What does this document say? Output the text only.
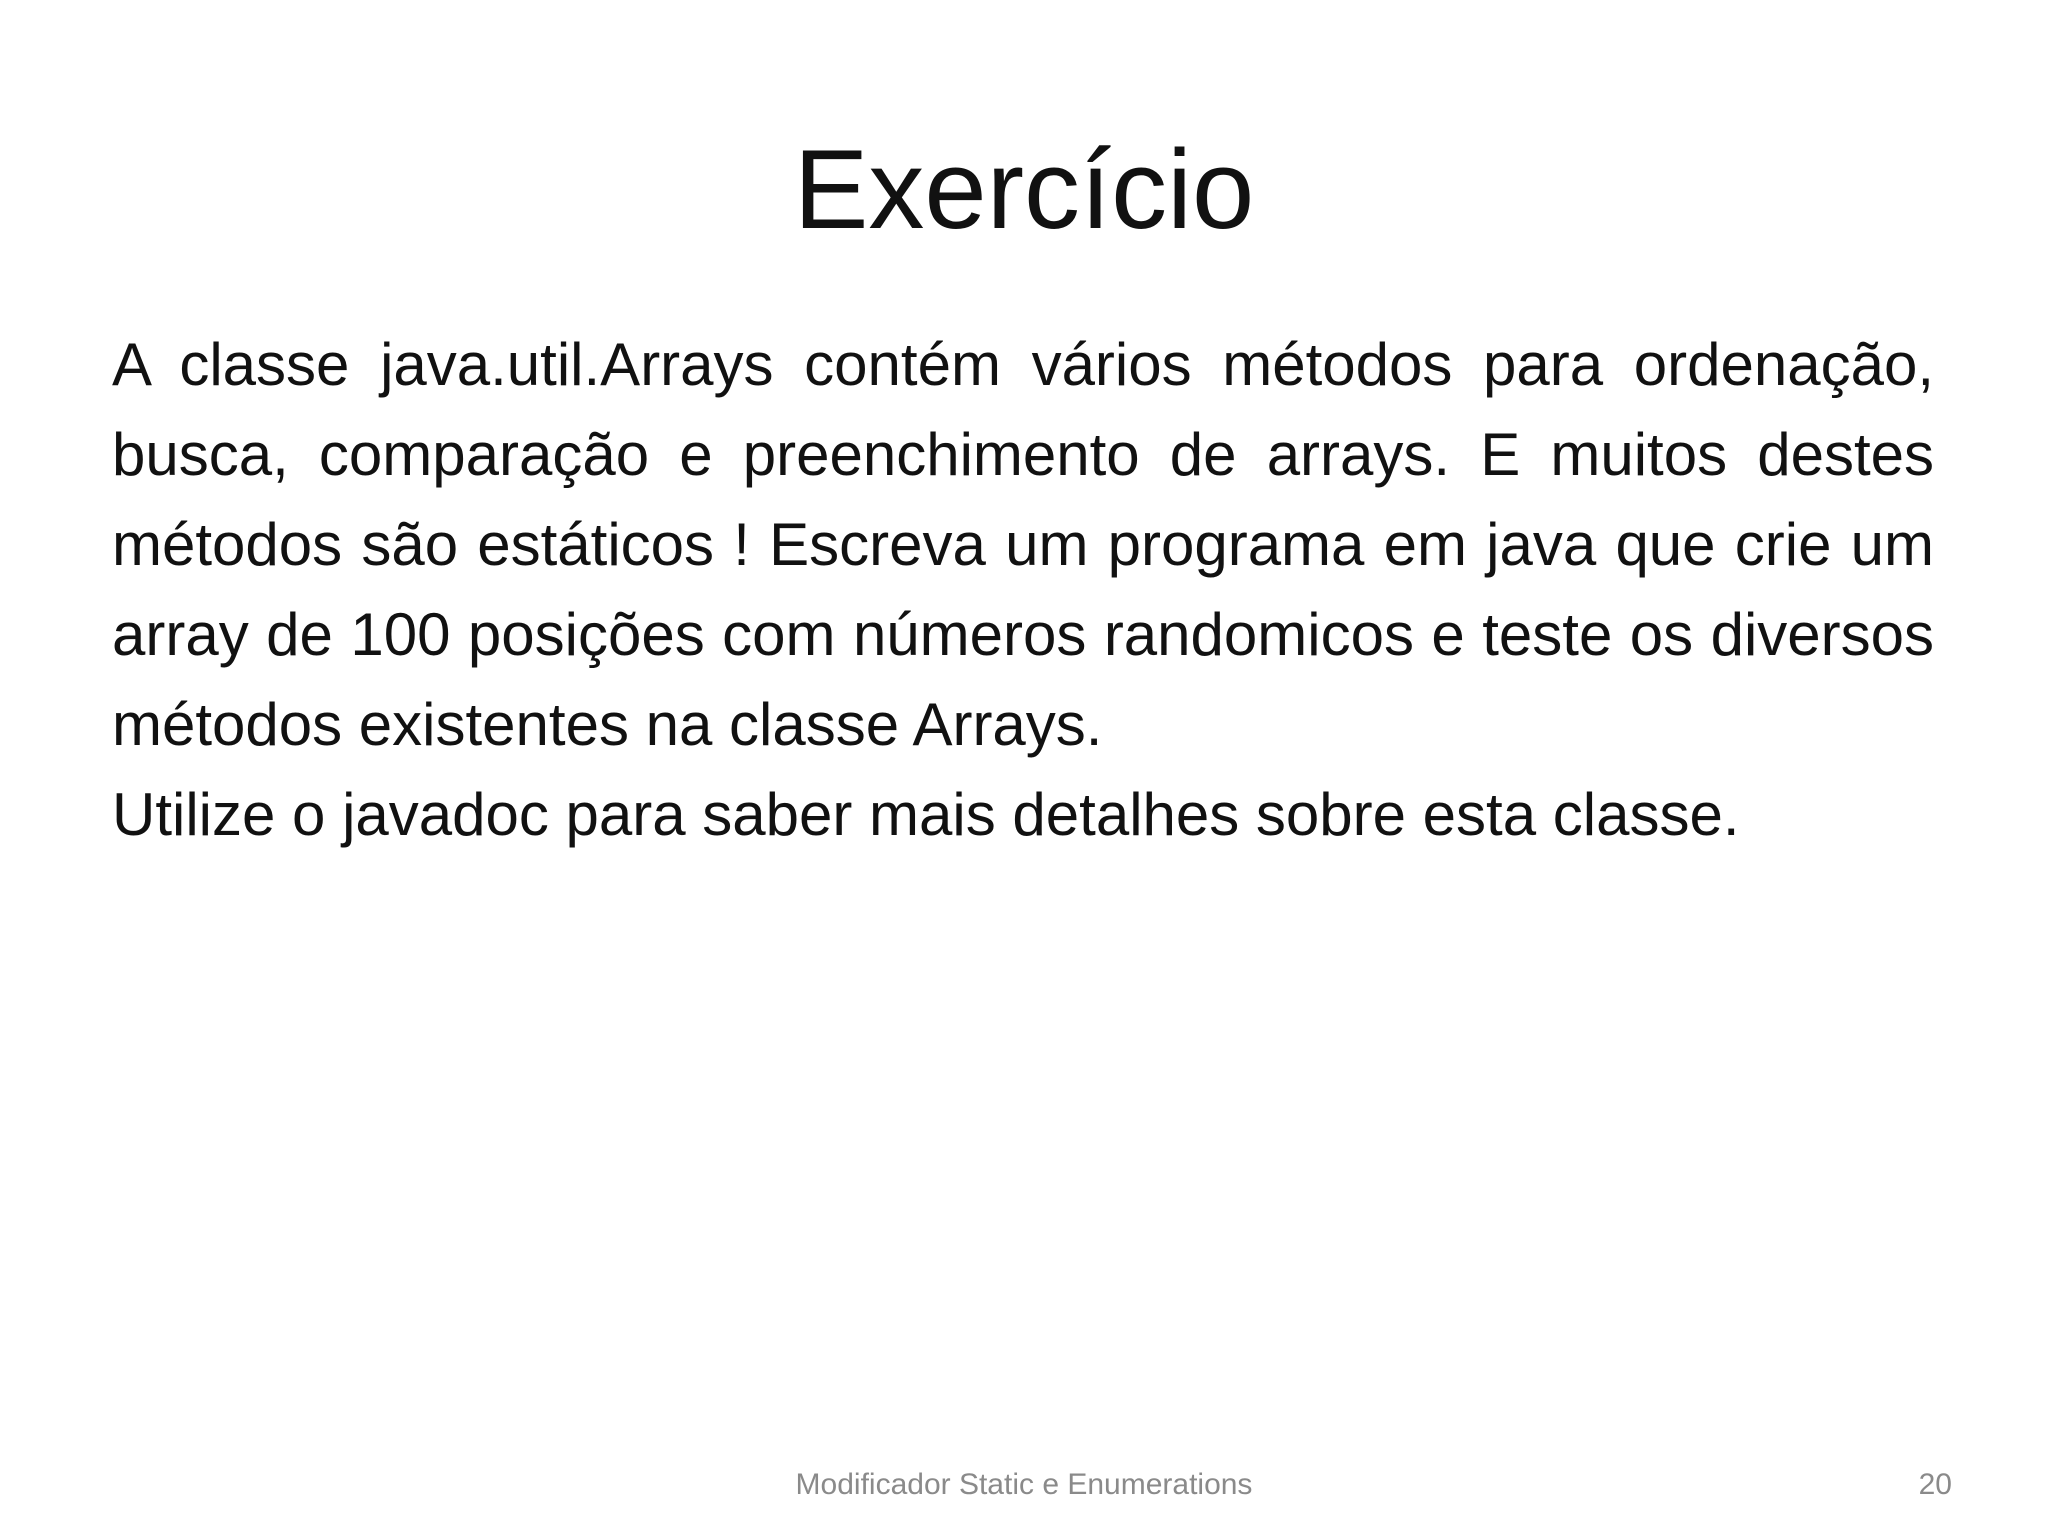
Exercício

A classe java.util.Arrays contém vários métodos para ordenação, busca, comparação e preenchimento de arrays. E muitos destes métodos são estáticos ! Escreva um programa em java que crie um array de 100 posições com números randomicos e teste os diversos métodos existentes na classe Arrays.

Utilize o javadoc para saber mais detalhes sobre esta classe.

Modificador Static e Enumerations	20
